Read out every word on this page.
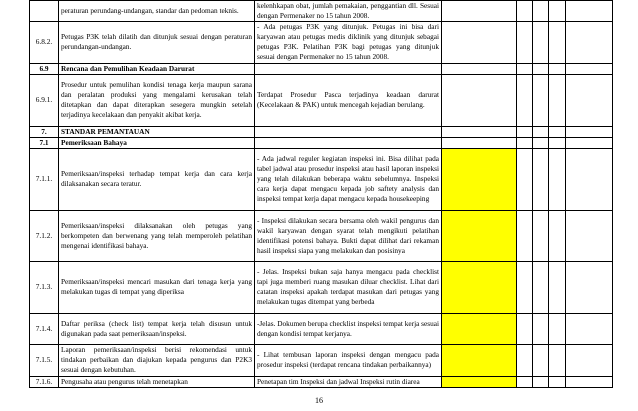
	peraturan perundang-undangan, standar dan pedoman teknis.	kelenhkapan obat, jumlah pemakaian, penggantian dll. Sesuai dengan Permenaker no 15 tahun 2008.					
6.8.2.	Petugas P3K telah dilatih dan ditunjuk sesuai dengan peraturan perundangan-undangan.	- Ada petugas P3K yang ditunjuk. Petugas ini bisa dari karyawan atau petugas medis diklinik yang ditunjuk sebagai petugas P3K. Pelatihan P3K bagi petugas yang ditunjuk sesuai dengan Permenaker no 15 tahun 2008.					
6.9	Rencana dan Pemulihan Keadaan Darurat						
6.9.1.	Prosedur untuk pemulihan kondisi tenaga kerja maupun sarana dan peralatan produksi yang mengalami kerusakan telah ditetapkan dan dapat diterapkan sesegera mungkin setelah terjadinya kecelakaan dan penyakit akibat kerja.	Terdapat Prosedur Pasca terjadinya keadaan darurat (Kecelakaan & PAK) untuk mencegah kejadian berulang.					
7.	STANDAR PEMANTAUAN						
7.1	Pemeriksaan Bahaya						
7.1.1.	Pemeriksaan/inspeksi terhadap tempat kerja dan cara kerja dilaksanakan secara teratur.	- Ada jadwal reguler kegiatan inspeksi ini. Bisa dilihat pada tabel jadwal atau prosedur inspeksi atau hasil laporan inspeksi yang telah dilakukan beberapa waktu sebelumnya. Inspeksi cara kerja dapat mengacu kepada job saftety analysis dan inspeksi tempat kerja dapat mengacu kepada housekeeping					
7.1.2.	Pemeriksaan/inspeksi dilaksanakan oleh petugas yang berkompeten dan berwenang yang telah memperoleh pelatihan mengenai identifikasi bahaya.	- Inspeksi dilakukan secara bersama oleh wakil pengurus dan wakil karyawan dengan syarat telah mengikuti pelatihan identifikasi potensi bahaya. Bukti dapat dilihat dari rekaman hasil inspeksi siapa yang melakukan dan posisinya					
7.1.3.	Pemeriksaan/inspeksi mencari masukan dari tenaga kerja yang melakukan tugas di tempat yang diperiksa	- Jelas. Inspeksi bukan saja hanya mengacu pada checklist tapi juga memberi ruang masukan diluar checklist. Lihat dari catatan inspeksi apakah terdapat masukan dari petugas yang melakukan tugas ditempat yang berbeda					
7.1.4.	Daftar periksa (check list) tempat kerja telah disusun untuk digunakan pada saat pemeriksaan/inspeksi.	-Jelas. Dokumen berupa checklist inspeksi tempat kerja sesuai dengan kondisi tempat kerjanya.					
7.1.5.	Laporan pemeriksaan/inspeksi berisi rekomendasi untuk tindakan perbaikan dan diajukan kepada pengurus dan P2K3 sesuai dengan kebutuhan.	- Lihat tembusan laporan inspeksi dengan mengacu pada prosedur inspeksi (terdapat rencana tindakan perbaikannya)					
7.1.6.	Pengusaha atau pengurus telah menetapkan	Penetapan tim Inspeksi dan jadwal Inspeksi rutin diarea					
16
